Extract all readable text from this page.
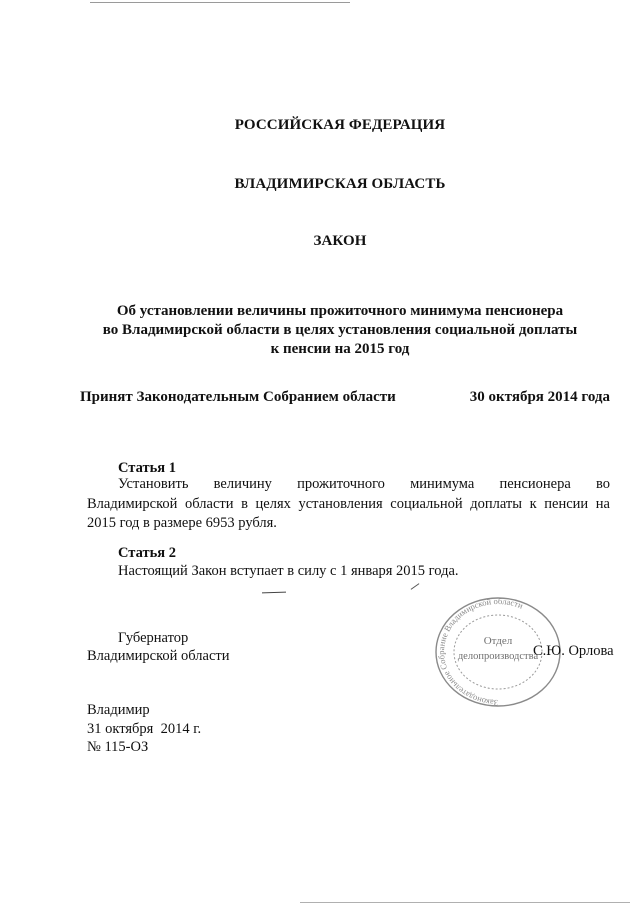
РОССИЙСКАЯ ФЕДЕРАЦИЯ
ВЛАДИМИРСКАЯ ОБЛАСТЬ
ЗАКОН
Об установлении величины прожиточного минимума пенсионера
во Владимирской области в целях установления социальной доплаты
к пенсии на 2015 год
Принят Законодательным Собранием области	30 октября 2014 года
Статья 1
Установить величину прожиточного минимума пенсионера во
Владимирской области в целях установления социальной доплаты к пенсии на
2015 год в размере 6953 рубля.
Статья 2
Настоящий Закон вступает в силу с 1 января 2015 года.
Губернатор
Владимирской области
Законодательное Собрание Владимирской области
Отдел
делопроизводства
С.Ю. Орлова
Владимир
31 октября  2014 г.
№ 115-ОЗ
